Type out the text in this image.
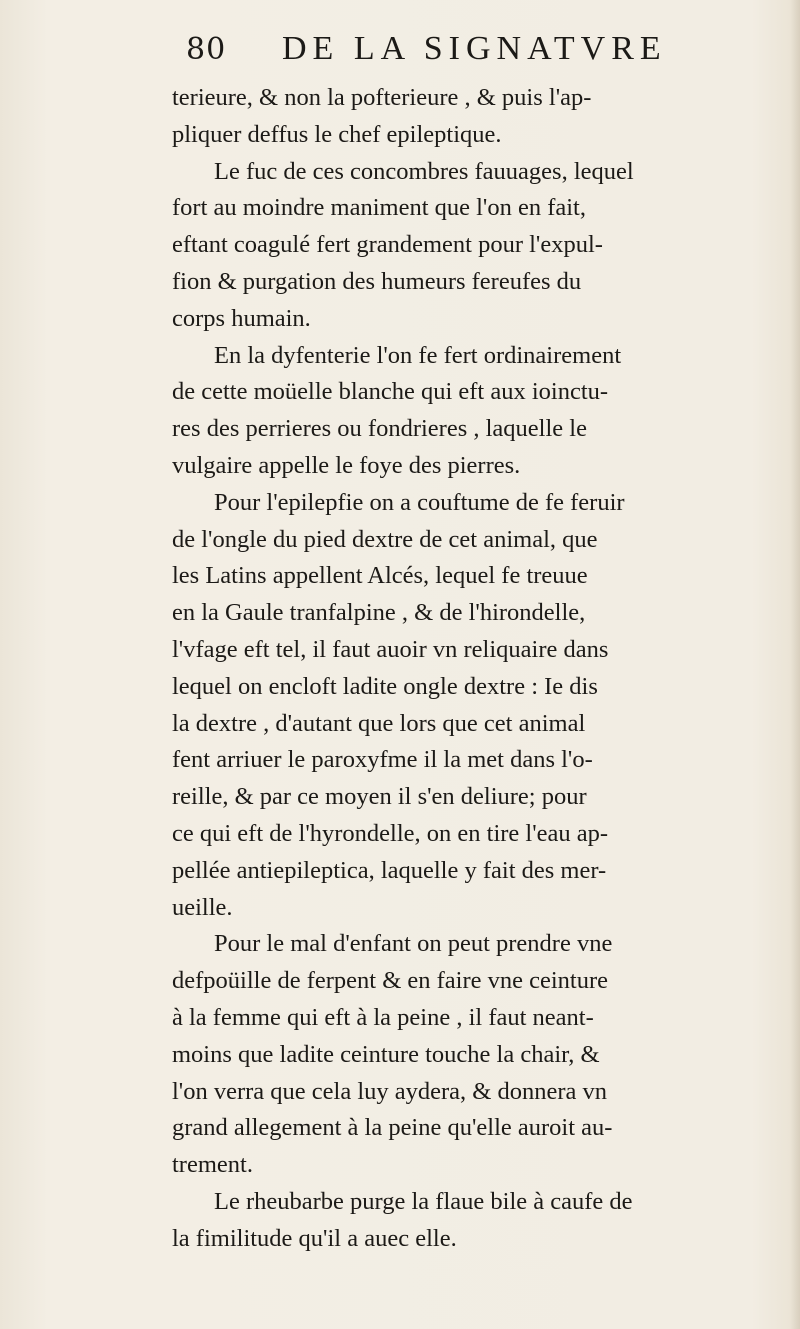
80	DE LA SIGNATVRE
terieure, & non la pofterieure , & puis l'ap-
pliquer deffus le chef epileptique.
Le fuc de ces concombres fauuages, lequel
fort au moindre maniment que l'on en fait,
eftant coagulé fert grandement pour l'expul-
fion & purgation des humeurs fereufes du
corps humain.
En la dyfenterie l'on fe fert ordinairement
de cette moüelle blanche qui eft aux ioinctu-
res des perrieres ou fondrieres , laquelle le
vulgaire appelle le foye des pierres.
Pour l'epilepfie on a couftume de fe feruir
de l'ongle du pied dextre de cet animal, que
les Latins appellent Alcés, lequel fe treuue
en la Gaule tranfalpine , & de l'hirondelle,
l'vfage eft tel, il faut auoir vn reliquaire dans
lequel on encloft ladite ongle dextre : Ie dis
la dextre , d'autant que lors que cet animal
fent arriuer le paroxyfme il la met dans l'o-
reille, & par ce moyen il s'en deliure; pour
ce qui eft de l'hyrondelle, on en tire l'eau ap-
pellée antiepileptica, laquelle y fait des mer-
ueille.
Pour le mal d'enfant on peut prendre vne
defpoüille de ferpent & en faire vne ceinture
à la femme qui eft à la peine , il faut neant-
moins que ladite ceinture touche la chair, &
l'on verra que cela luy aydera, & donnera vn
grand allegement à la peine qu'elle auroit au-
trement.
Le rheubarbe purge la flaue bile à caufe de
la fimilitude qu'il a auec elle.
